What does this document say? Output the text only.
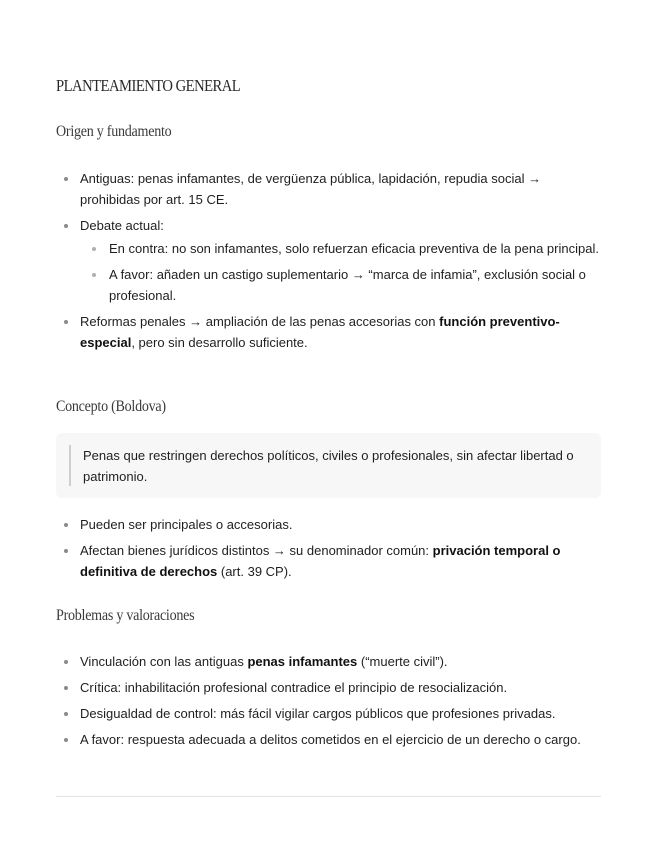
PLANTEAMIENTO GENERAL
Origen y fundamento
Antiguas: penas infamantes, de vergüenza pública, lapidación, repudia social → prohibidas por art. 15 CE.
Debate actual:
En contra: no son infamantes, solo refuerzan eficacia preventiva de la pena principal.
A favor: añaden un castigo suplementario → “marca de infamia”, exclusión social o profesional.
Reformas penales → ampliación de las penas accesorias con función preventivo-especial, pero sin desarrollo suficiente.
Concepto (Boldova)
Penas que restringen derechos políticos, civiles o profesionales, sin afectar libertad o patrimonio.
Pueden ser principales o accesorias.
Afectan bienes jurídicos distintos → su denominador común: privación temporal o definitiva de derechos (art. 39 CP).
Problemas y valoraciones
Vinculación con las antiguas penas infamantes (“muerte civil”).
Crítica: inhabilitación profesional contradice el principio de resocialización.
Desigualdad de control: más fácil vigilar cargos públicos que profesiones privadas.
A favor: respuesta adecuada a delitos cometidos en el ejercicio de un derecho o cargo.
